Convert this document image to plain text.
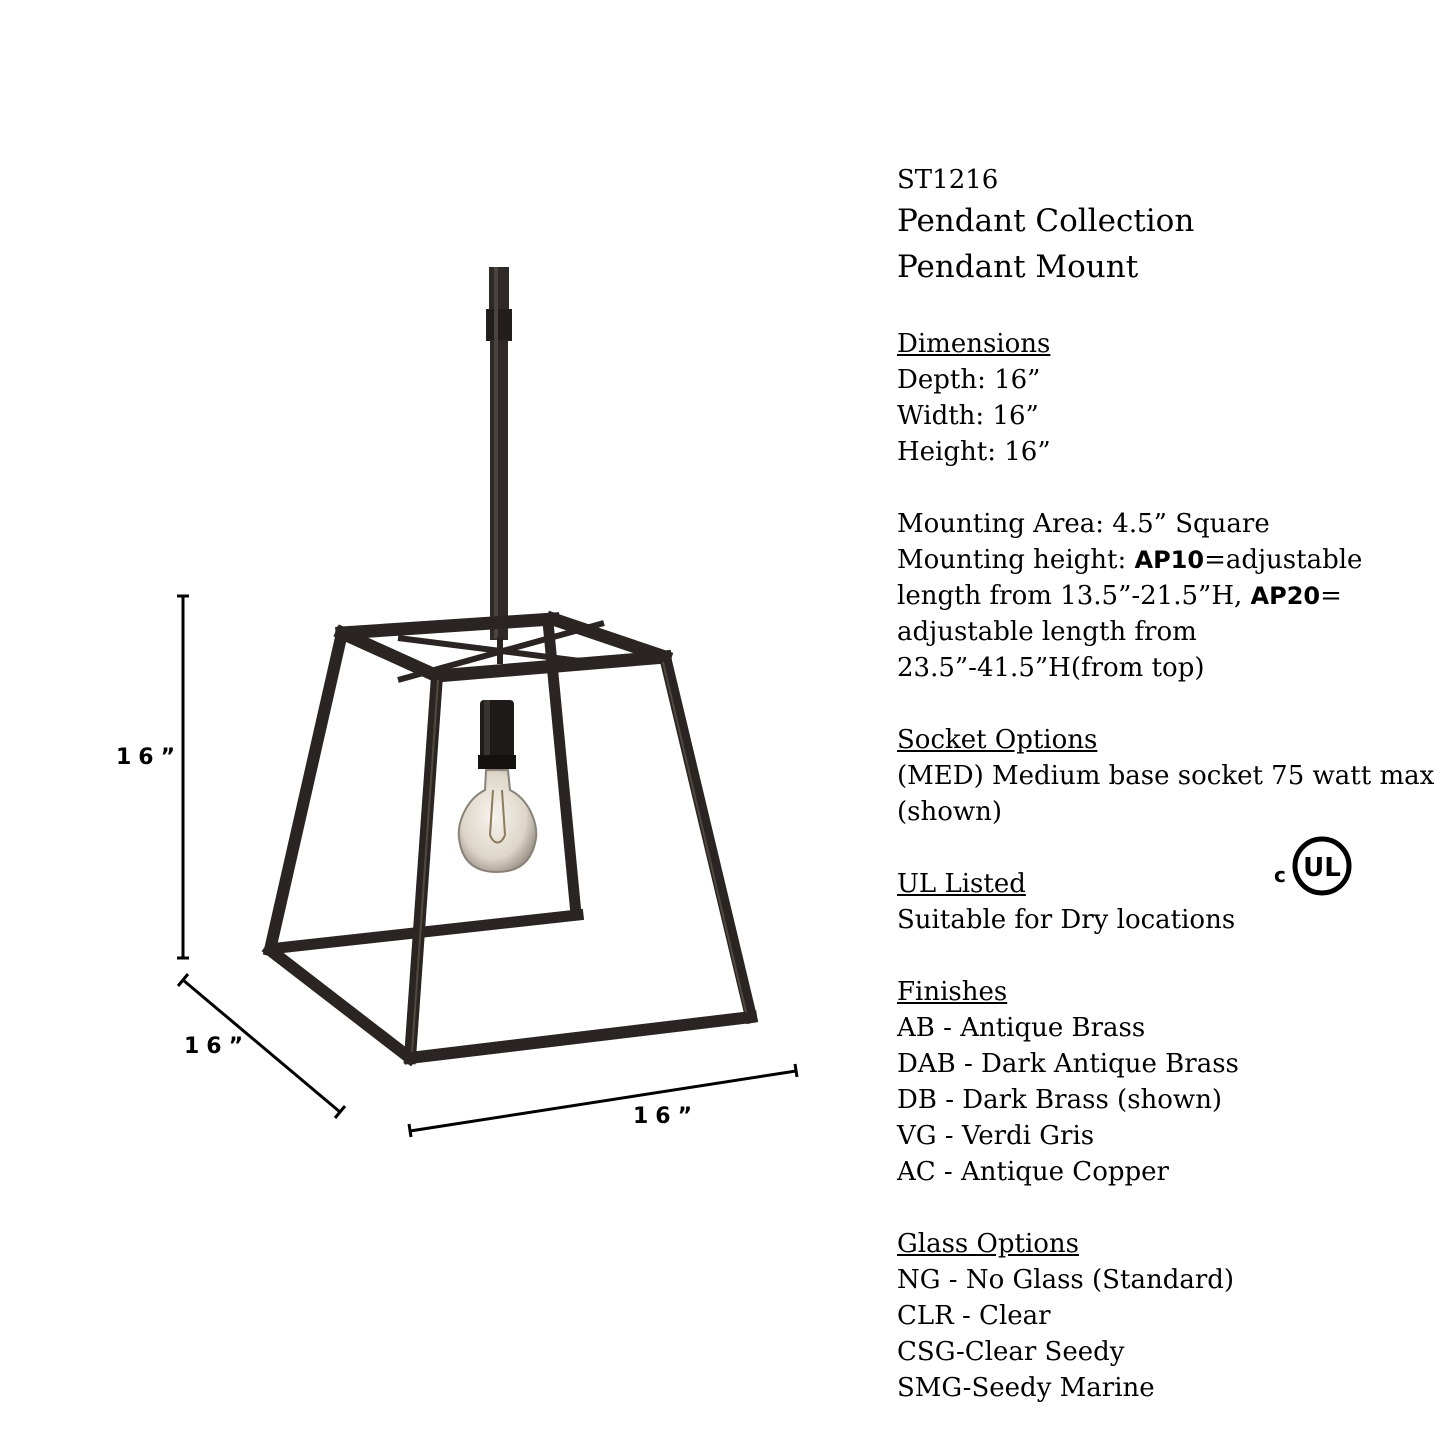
16”
16”
16”
ST1216
Pendant Collection
Pendant Mount
Dimensions
Depth: 16”
Width: 16”
Height: 16”
Mounting Area: 4.5” Square
Mounting height: AP10=adjustable length from 13.5”-21.5”H, AP20= adjustable length from 23.5”-41.5”H(from top)
Socket Options
(MED) Medium base socket 75 watt max (shown)
UL Listed
Suitable for Dry locations
Finishes
AB - Antique Brass
DAB - Dark Antique Brass
DB - Dark Brass (shown)
VG - Verdi Gris
AC - Antique Copper
Glass Options
NG - No Glass (Standard)
CLR - Clear
CSG-Clear Seedy
SMG-Seedy Marine
c UL
